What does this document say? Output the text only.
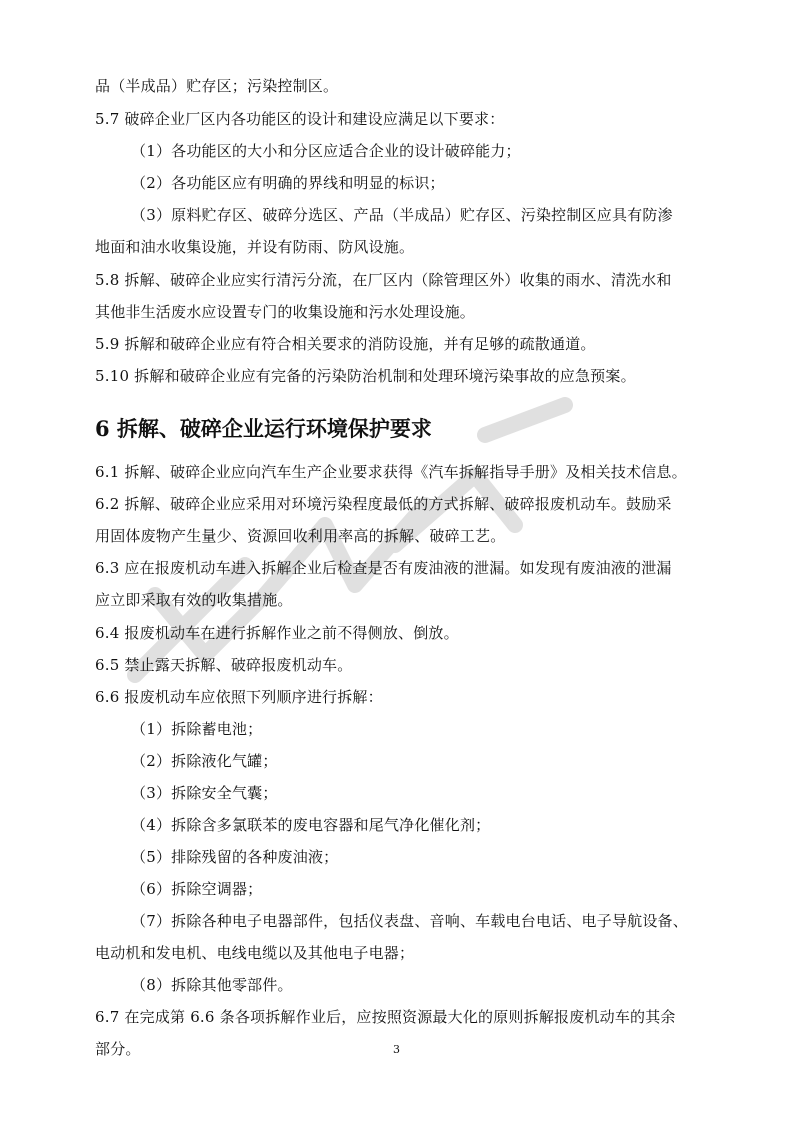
品（半成品）贮存区；污染控制区。
5.7 破碎企业厂区内各功能区的设计和建设应满足以下要求：
（1）各功能区的大小和分区应适合企业的设计破碎能力；
（2）各功能区应有明确的界线和明显的标识；
（3）原料贮存区、破碎分选区、产品（半成品）贮存区、污染控制区应具有防渗
地面和油水收集设施，并设有防雨、防风设施。
5.8 拆解、破碎企业应实行清污分流，在厂区内（除管理区外）收集的雨水、清洗水和
其他非生活废水应设置专门的收集设施和污水处理设施。
5.9 拆解和破碎企业应有符合相关要求的消防设施，并有足够的疏散通道。
5.10 拆解和破碎企业应有完备的污染防治机制和处理环境污染事故的应急预案。
6 拆解、破碎企业运行环境保护要求
6.1 拆解、破碎企业应向汽车生产企业要求获得《汽车拆解指导手册》及相关技术信息。
6.2 拆解、破碎企业应采用对环境污染程度最低的方式拆解、破碎报废机动车。鼓励采
用固体废物产生量少、资源回收利用率高的拆解、破碎工艺。
6.3 应在报废机动车进入拆解企业后检查是否有废油液的泄漏。如发现有废油液的泄漏
应立即采取有效的收集措施。
6.4 报废机动车在进行拆解作业之前不得侧放、倒放。
6.5 禁止露天拆解、破碎报废机动车。
6.6 报废机动车应依照下列顺序进行拆解：
（1）拆除蓄电池；
（2）拆除液化气罐；
（3）拆除安全气囊；
（4）拆除含多氯联苯的废电容器和尾气净化催化剂；
（5）排除残留的各种废油液；
（6）拆除空调器；
（7）拆除各种电子电器部件，包括仪表盘、音响、车载电台电话、电子导航设备、
电动机和发电机、电线电缆以及其他电子电器；
（8）拆除其他零部件。
6.7 在完成第 6.6 条各项拆解作业后，应按照资源最大化的原则拆解报废机动车的其余
部分。	3
